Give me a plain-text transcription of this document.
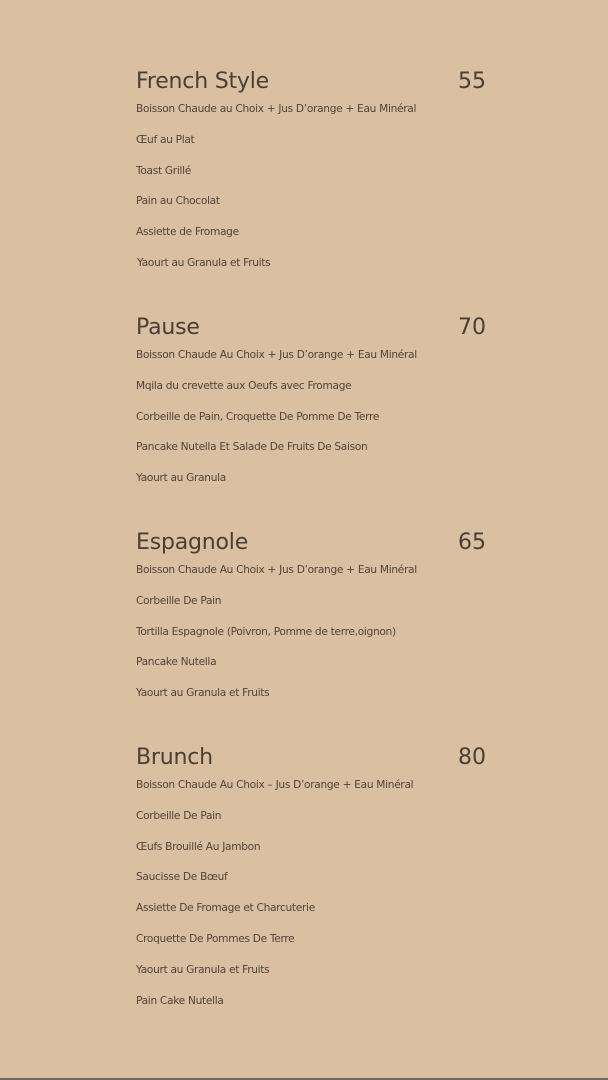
French Style	55
Boisson Chaude au Choix + Jus D’orange + Eau Minéral
Œuf au Plat
Toast Grillé
Pain au Chocolat
Assiette de Fromage
Yaourt au Granula et Fruits
Pause	70
Boisson Chaude Au Choix + Jus D’orange + Eau Minéral
Mqila du crevette aux Oeufs avec Fromage
Corbeille de Pain, Croquette De Pomme De Terre
Pancake Nutella Et Salade De Fruits De Saison
Yaourt au Granula
Espagnole	65
Boisson Chaude Au Choix + Jus D’orange + Eau Minéral
Corbeille De Pain
Tortilla Espagnole (Poivron, Pomme de terre,oignon)
Pancake Nutella
Yaourt au Granula et Fruits
Brunch	80
Boisson Chaude Au Choix – Jus D’orange + Eau Minéral
Corbeille De Pain
Œufs Brouillé Au Jambon
Saucisse De Bœuf
Assiette De Fromage et Charcuterie
Croquette De Pommes De Terre
Yaourt au Granula et Fruits
Pain Cake Nutella
